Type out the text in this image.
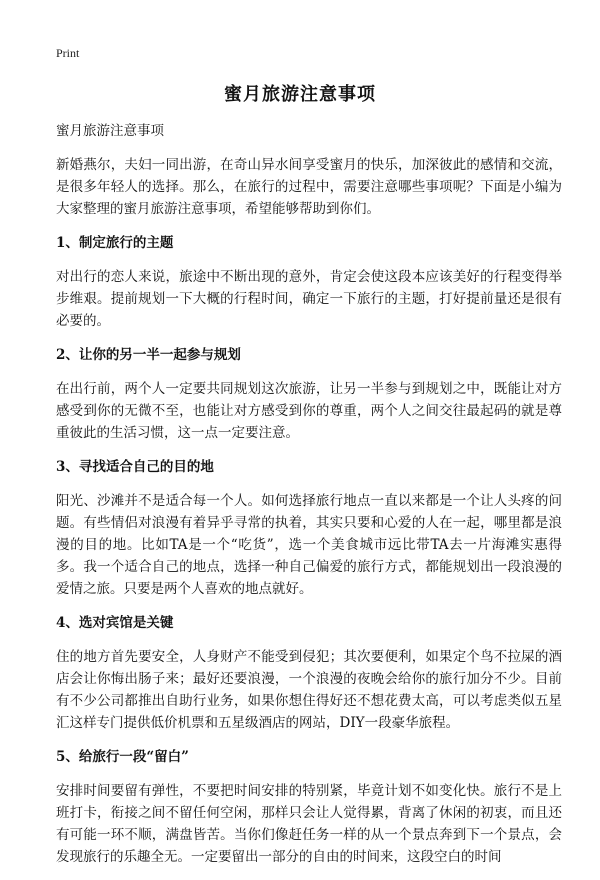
Print
蜜月旅游注意事项
蜜月旅游注意事项

新婚燕尔，夫妇一同出游，在奇山异水间享受蜜月的快乐，加深彼此的感情和交流，是很多年轻人的选择。那么，在旅行的过程中，需要注意哪些事项呢？下面是小编为大家整理的蜜月旅游注意事项，希望能够帮助到你们。

1、制定旅行的主题

对出行的恋人来说，旅途中不断出现的意外，肯定会使这段本应该美好的行程变得举步维艰。提前规划一下大概的行程时间，确定一下旅行的主题，打好提前量还是很有必要的。

2、让你的另一半一起参与规划

在出行前，两个人一定要共同规划这次旅游，让另一半参与到规划之中，既能让对方感受到你的无微不至，也能让对方感受到你的尊重，两个人之间交往最起码的就是尊重彼此的生活习惯，这一点一定要注意。

3、寻找适合自己的目的地

阳光、沙滩并不是适合每一个人。如何选择旅行地点一直以来都是一个让人头疼的问题。有些情侣对浪漫有着异乎寻常的执着，其实只要和心爱的人在一起，哪里都是浪漫的目的地。比如TA是一个“吃货”，选一个美食城市远比带TA去一片海滩实惠得多。我一个适合自己的地点，选择一种自己偏爱的旅行方式，都能规划出一段浪漫的爱情之旅。只要是两个人喜欢的地点就好。

4、选对宾馆是关键

住的地方首先要安全，人身财产不能受到侵犯；其次要便利，如果定个鸟不拉屎的酒店会让你悔出肠子来；最好还要浪漫，一个浪漫的夜晚会给你的旅行加分不少。目前有不少公司都推出自助行业务，如果你想住得好还不想花费太高，可以考虑类似五星汇这样专门提供低价机票和五星级酒店的网站，DIY一段豪华旅程。

5、给旅行一段“留白”

安排时间要留有弹性，不要把时间安排的特别紧，毕竟计划不如变化快。旅行不是上班打卡，衔接之间不留任何空闲，那样只会让人觉得累，背离了休闲的初衷，而且还有可能一环不顺，满盘皆苦。当你们像赶任务一样的从一个景点奔到下一个景点，会发现旅行的乐趣全无。一定要留出一部分的自由的时间来，这段空白的时间
